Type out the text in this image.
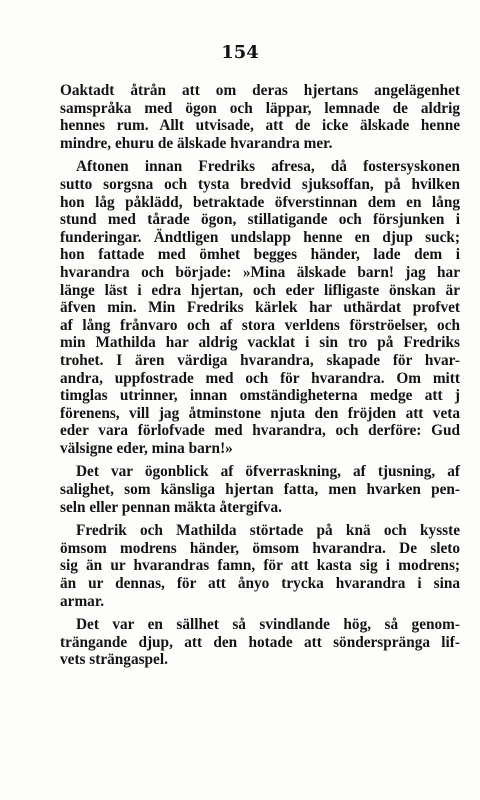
154
Oaktadt åtrån att om deras hjertans angelägenhet
samspråka med ögon och läppar, lemnade de aldrig
hennes rum. Allt utvisade, att de icke älskade henne
mindre, ehuru de älskade hvarandra mer.
Aftonen innan Fredriks afresa, då fostersyskonen
sutto sorgsna och tysta bredvid sjuksoffan, på hvilken
hon låg påklädd, betraktade öfverstinnan dem en lång
stund med tårade ögon, stillatigande och försjunken i
funderingar. Ändtligen undslapp henne en djup suck;
hon fattade med ömhet begges händer, lade dem i
hvarandra och började: »Mina älskade barn! jag har
länge läst i edra hjertan, och eder lifligaste önskan är
äfven min. Min Fredriks kärlek har uthärdat profvet
af lång frånvaro och af stora verldens förströelser, och
min Mathilda har aldrig vacklat i sin tro på Fredriks
trohet. I ären värdiga hvarandra, skapade för hvar-
andra, uppfostrade med och för hvarandra. Om mitt
timglas utrinner, innan omständigheterna medge att j
förenens, vill jag åtminstone njuta den fröjden att veta
eder vara förlofvade med hvarandra, och derföre: Gud
välsigne eder, mina barn!»
Det var ögonblick af öfverraskning, af tjusning, af
salighet, som känsliga hjertan fatta, men hvarken pen-
seln eller pennan mäkta återgifva.
Fredrik och Mathilda störtade på knä och kysste
ömsom modrens händer, ömsom hvarandra. De sleto
sig än ur hvarandras famn, för att kasta sig i modrens;
än ur dennas, för att ånyo trycka hvarandra i sina
armar.
Det var en sällhet så svindlande hög, så genom-
trängande djup, att den hotade att sönderspränga lif-
vets strängaspel.
